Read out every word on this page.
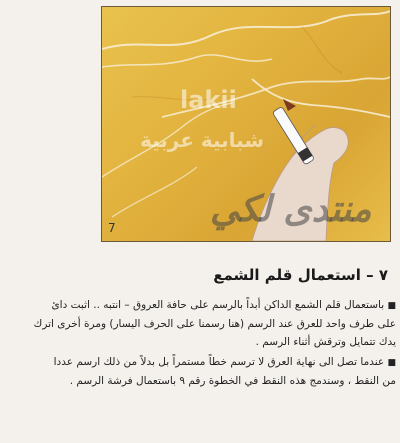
7
lakii
شبابية عربية
منتدى لكي
٧ – استعمال قلم الشمع
■ باستعمال قلم الشمع الداكن أبداً بالرسم على حافة العروق – انتبه .. اثبت دائ
على طرف واحد للعرق عند الرسم (هنا رسمنا على الحرف اليسار) ومرة أخرى اترك
يدك تتمايل وترقش أثناء الرسم .
■ عندما تصل الى نهاية العرق لا ترسم خطاً مستمراً بل بدلاً من ذلك ارسم عددا
من النقط ، وسندمج هذه النقط في الخطوة رقم ٩ باستعمال فرشة الرسم .
